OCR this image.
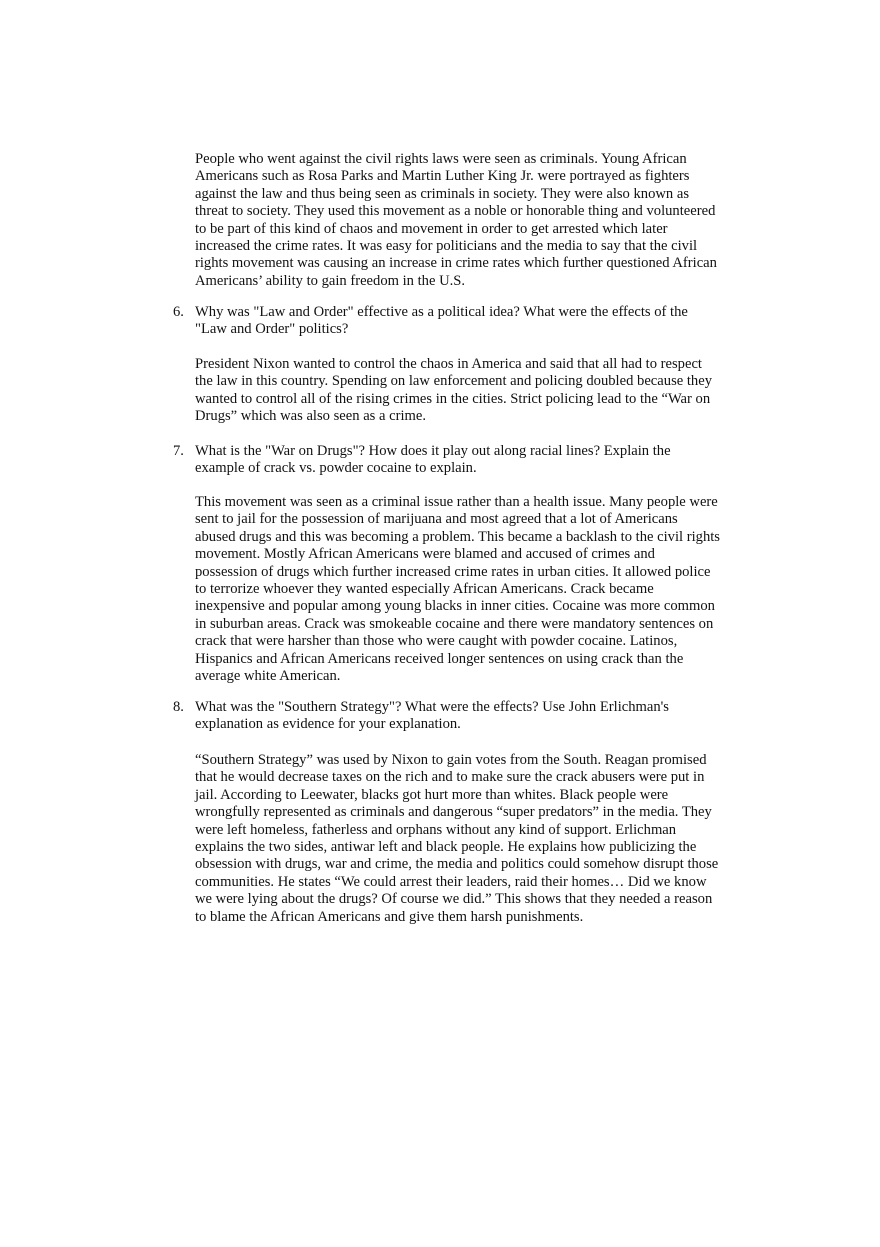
People who went against the civil rights laws were seen as criminals. Young African
Americans such as Rosa Parks and Martin Luther King Jr. were portrayed as fighters
against the law and thus being seen as criminals in society. They were also known as
threat to society. They used this movement as a noble or honorable thing and volunteered
to be part of this kind of chaos and movement in order to get arrested which later
increased the crime rates. It was easy for politicians and the media to say that the civil
rights movement was causing an increase in crime rates which further questioned African
Americans’ ability to gain freedom in the U.S.

6. Why was "Law and Order" effective as a political idea? What were the effects of the
"Law and Order" politics?
President Nixon wanted to control the chaos in America and said that all had to respect
the law in this country. Spending on law enforcement and policing doubled because they
wanted to control all of the rising crimes in the cities. Strict policing lead to the “War on
Drugs” which was also seen as a crime.

7. What is the "War on Drugs"? How does it play out along racial lines? Explain the
example of crack vs. powder cocaine to explain.
This movement was seen as a criminal issue rather than a health issue. Many people were
sent to jail for the possession of marijuana and most agreed that a lot of Americans
abused drugs and this was becoming a problem. This became a backlash to the civil rights
movement. Mostly African Americans were blamed and accused of crimes and
possession of drugs which further increased crime rates in urban cities. It allowed police
to terrorize whoever they wanted especially African Americans. Crack became
inexpensive and popular among young blacks in inner cities. Cocaine was more common
in suburban areas. Crack was smokeable cocaine and there were mandatory sentences on
crack that were harsher than those who were caught with powder cocaine. Latinos,
Hispanics and African Americans received longer sentences on using crack than the
average white American.

8. What was the "Southern Strategy"? What were the effects? Use John Erlichman's
explanation as evidence for your explanation.
“Southern Strategy” was used by Nixon to gain votes from the South. Reagan promised
that he would decrease taxes on the rich and to make sure the crack abusers were put in
jail. According to Leewater, blacks got hurt more than whites. Black people were
wrongfully represented as criminals and dangerous “super predators” in the media. They
were left homeless, fatherless and orphans without any kind of support. Erlichman
explains the two sides, antiwar left and black people. He explains how publicizing the
obsession with drugs, war and crime, the media and politics could somehow disrupt those
communities. He states “We could arrest their leaders, raid their homes… Did we know
we were lying about the drugs? Of course we did.” This shows that they needed a reason
to blame the African Americans and give them harsh punishments.
